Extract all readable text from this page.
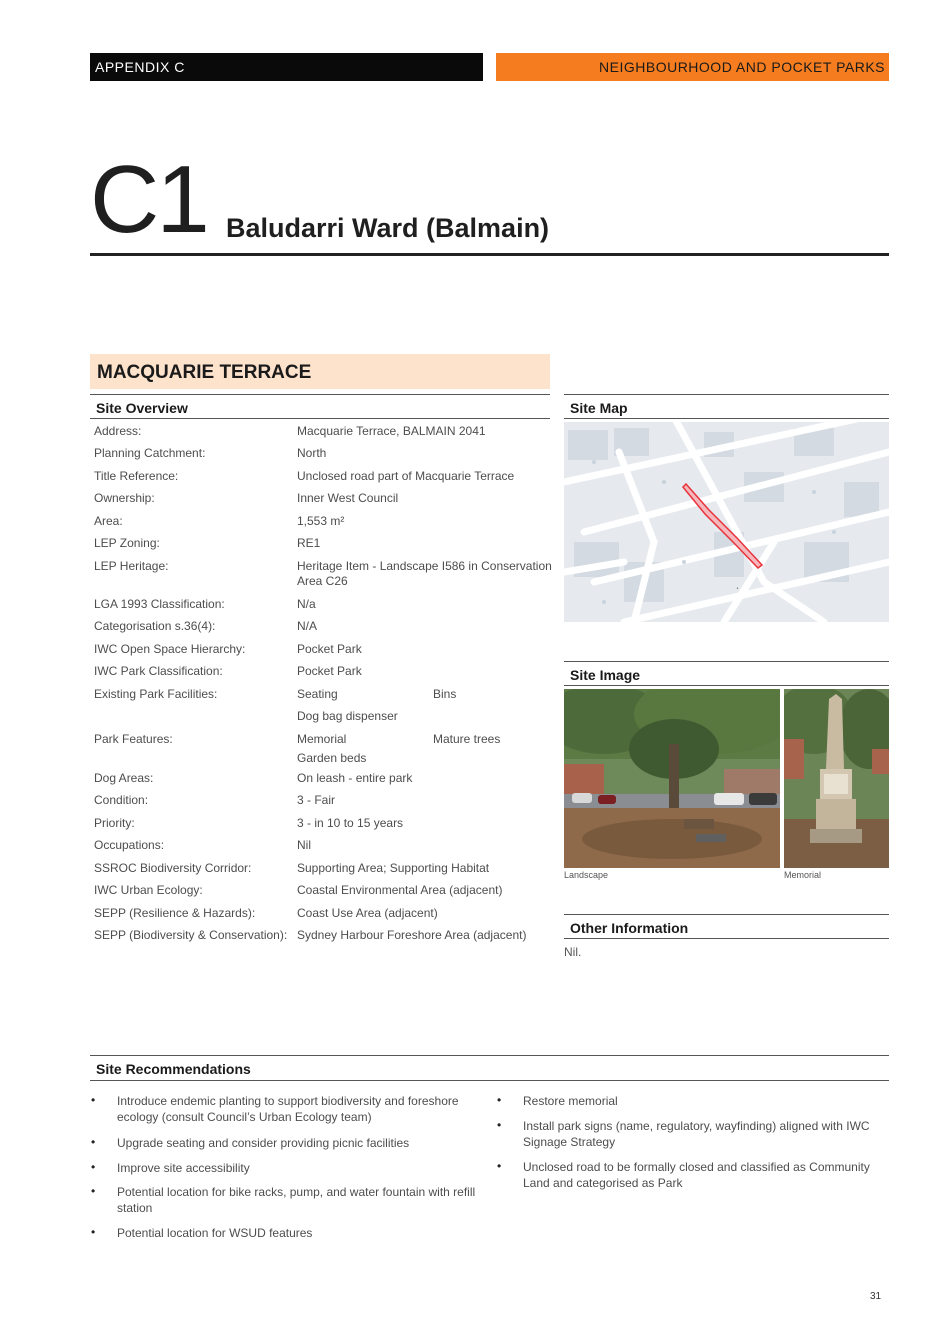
APPENDIX C	NEIGHBOURHOOD AND POCKET PARKS
C1 Baludarri Ward (Balmain)
MACQUARIE TERRACE
Site Overview
Address:	Macquarie Terrace, BALMAIN 2041
Planning Catchment:	North
Title Reference:	Unclosed road part of Macquarie Terrace
Ownership:	Inner West Council
Area:	1,553 m²
LEP Zoning:	RE1
LEP Heritage:	Heritage Item - Landscape I586 in Conservation Area C26
LGA 1993 Classification:	N/a
Categorisation s.36(4):	N/A
IWC Open Space Hierarchy:	Pocket Park
IWC Park Classification:	Pocket Park
Existing Park Facilities:	Seating	Bins
Dog bag dispenser
Park Features:	Memorial	Mature trees
Garden beds
Dog Areas:	On leash - entire park
Condition:	3 - Fair
Priority:	3 - in 10 to 15 years
Occupations:	Nil
SSROC Biodiversity Corridor:	Supporting Area; Supporting Habitat
IWC Urban Ecology:	Coastal Environmental Area (adjacent)
SEPP (Resilience & Hazards):	Coast Use Area (adjacent)
SEPP (Biodiversity & Conservation): Sydney Harbour Foreshore Area (adjacent)
Site Map
•
Site Image
Landscape	Memorial
Other Information
Nil.
Site Recommendations
• Introduce endemic planting to support biodiversity and foreshore ecology (consult Council’s Urban Ecology team)
• Upgrade seating and consider providing picnic facilities
• Improve site accessibility
• Potential location for bike racks, pump, and water fountain with refill station
• Potential location for WSUD features
• Restore memorial
• Install park signs (name, regulatory, wayfinding) aligned with IWC Signage Strategy
• Unclosed road to be formally closed and classified as Community Land and categorised as Park
31
